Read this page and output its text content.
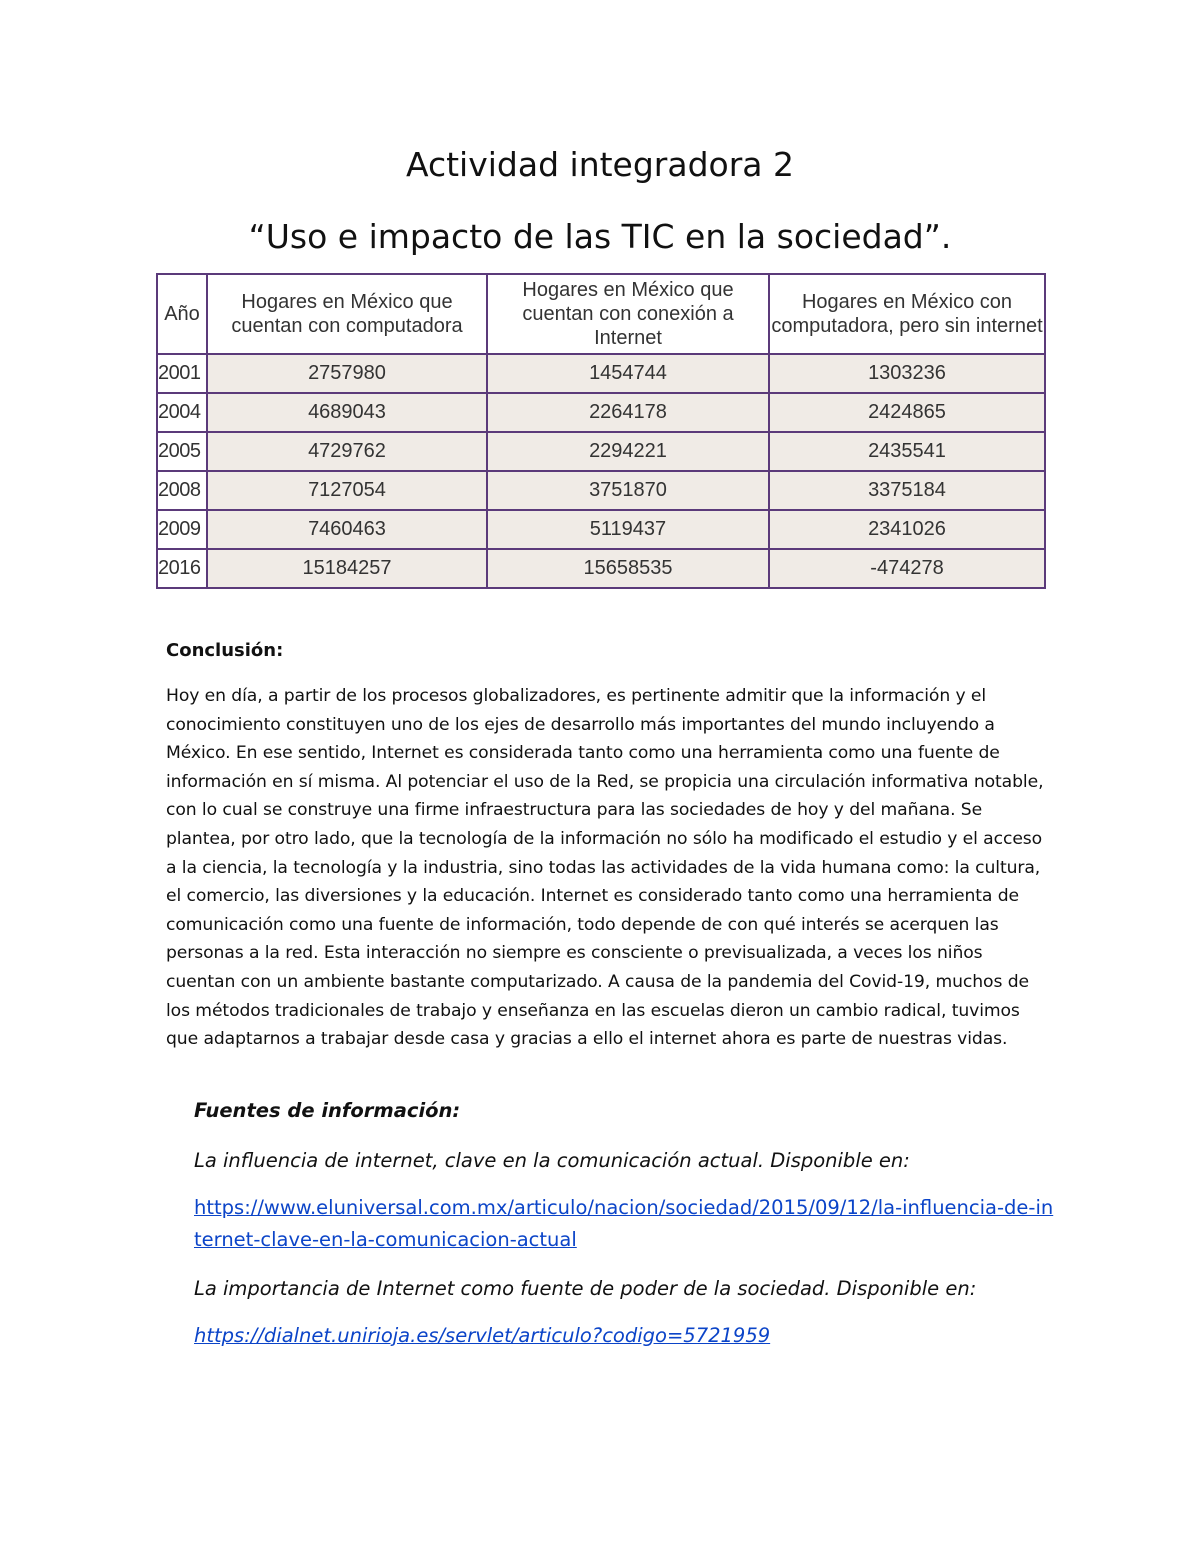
Actividad integradora 2
“Uso e impacto de las TIC en la sociedad”.
Año	Hogares en México que cuentan con computadora	Hogares en México que cuentan con conexión a Internet	Hogares en México con computadora, pero sin internet
2001	2757980	1454744	1303236
2004	4689043	2264178	2424865
2005	4729762	2294221	2435541
2008	7127054	3751870	3375184
2009	7460463	5119437	2341026
2016	15184257	15658535	-474278

Conclusión:

Hoy en día, a partir de los procesos globalizadores, es pertinente admitir que la información y el conocimiento constituyen uno de los ejes de desarrollo más importantes del mundo incluyendo a México. En ese sentido, Internet es considerada tanto como una herramienta como una fuente de información en sí misma. Al potenciar el uso de la Red, se propicia una circulación informativa notable, con lo cual se construye una firme infraestructura para las sociedades de hoy y del mañana. Se plantea, por otro lado, que la tecnología de la información no sólo ha modificado el estudio y el acceso a la ciencia, la tecnología y la industria, sino todas las actividades de la vida humana como: la cultura, el comercio, las diversiones y la educación. Internet es considerado tanto como una herramienta de comunicación como una fuente de información, todo depende de con qué interés se acerquen las personas a la red. Esta interacción no siempre es consciente o previsualizada, a veces los niños cuentan con un ambiente bastante computarizado. A causa de la pandemia del Covid-19, muchos de los métodos tradicionales de trabajo y enseñanza en las escuelas dieron un cambio radical, tuvimos que adaptarnos a trabajar desde casa y gracias a ello el internet ahora es parte de nuestras vidas.

Fuentes de información:

La influencia de internet, clave en la comunicación actual. Disponible en:

https://www.eluniversal.com.mx/articulo/nacion/sociedad/2015/09/12/la-influencia-de-internet-clave-en-la-comunicacion-actual

La importancia de Internet como fuente de poder de la sociedad. Disponible en:

https://dialnet.unirioja.es/servlet/articulo?codigo=5721959
